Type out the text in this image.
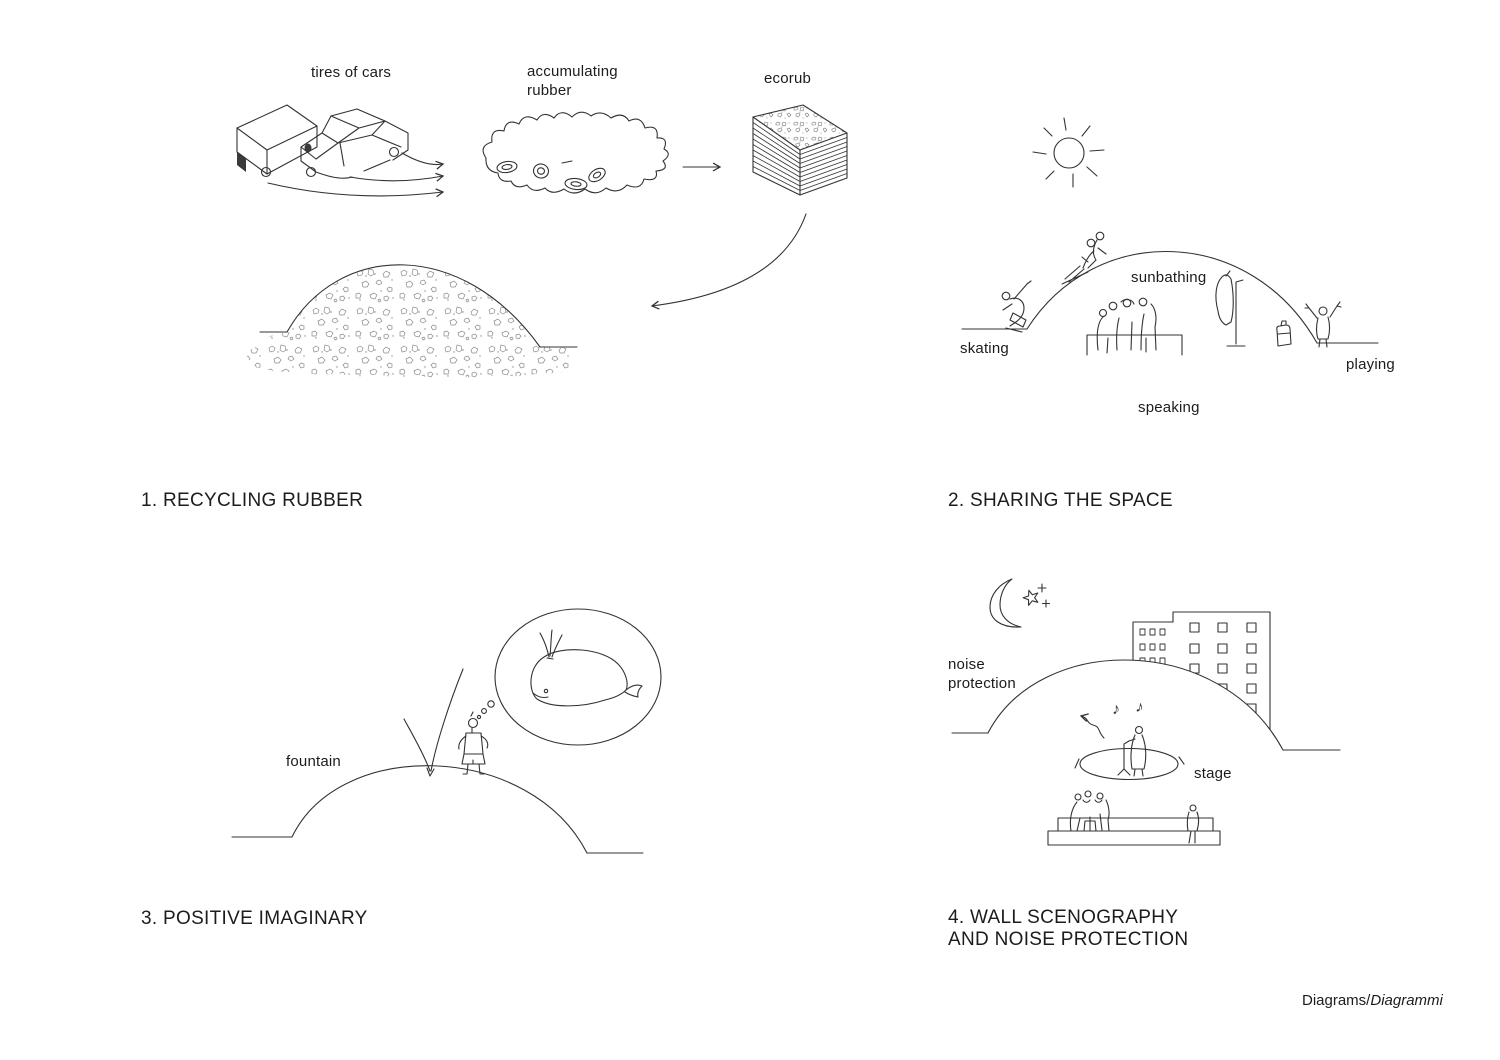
♪ ♪
tires of cars	accumulating
rubber
ecorub
1. RECYCLING RUBBER
sunbathing
skating
playing
speaking
2. SHARING THE SPACE
fountain
3. POSITIVE IMAGINARY
noise
protection
stage
4. WALL SCENOGRAPHY
AND NOISE PROTECTION
Diagrams/Diagrammi
